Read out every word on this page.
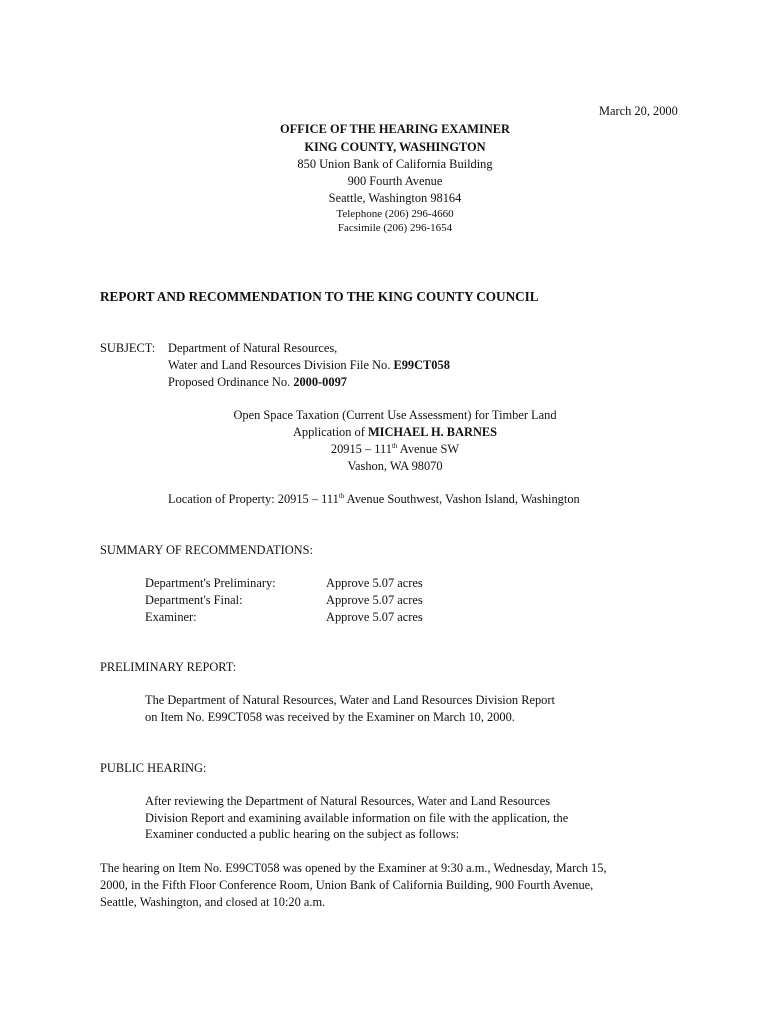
March 20, 2000
OFFICE OF THE HEARING EXAMINER
KING COUNTY, WASHINGTON
850 Union Bank of California Building
900 Fourth Avenue
Seattle, Washington 98164
Telephone (206) 296-4660
Facsimile (206) 296-1654
REPORT AND RECOMMENDATION TO THE KING COUNTY COUNCIL
SUBJECT: Department of Natural Resources,
Water and Land Resources Division File No. E99CT058
Proposed Ordinance No. 2000-0097
Open Space Taxation (Current Use Assessment) for Timber Land
Application of MICHAEL H. BARNES
20915 – 111th Avenue SW
Vashon, WA 98070
Location of Property: 20915 – 111th Avenue Southwest, Vashon Island, Washington
SUMMARY OF RECOMMENDATIONS:
Department's Preliminary:	Approve 5.07 acres
Department's Final:	Approve 5.07 acres
Examiner:	Approve 5.07 acres
PRELIMINARY REPORT:
The Department of Natural Resources, Water and Land Resources Division Report
on Item No. E99CT058 was received by the Examiner on March 10, 2000.
PUBLIC HEARING:
After reviewing the Department of Natural Resources, Water and Land Resources
Division Report and examining available information on file with the application, the
Examiner conducted a public hearing on the subject as follows:
The hearing on Item No. E99CT058 was opened by the Examiner at 9:30 a.m., Wednesday, March 15,
2000, in the Fifth Floor Conference Room, Union Bank of California Building, 900 Fourth Avenue,
Seattle, Washington, and closed at 10:20 a.m.
